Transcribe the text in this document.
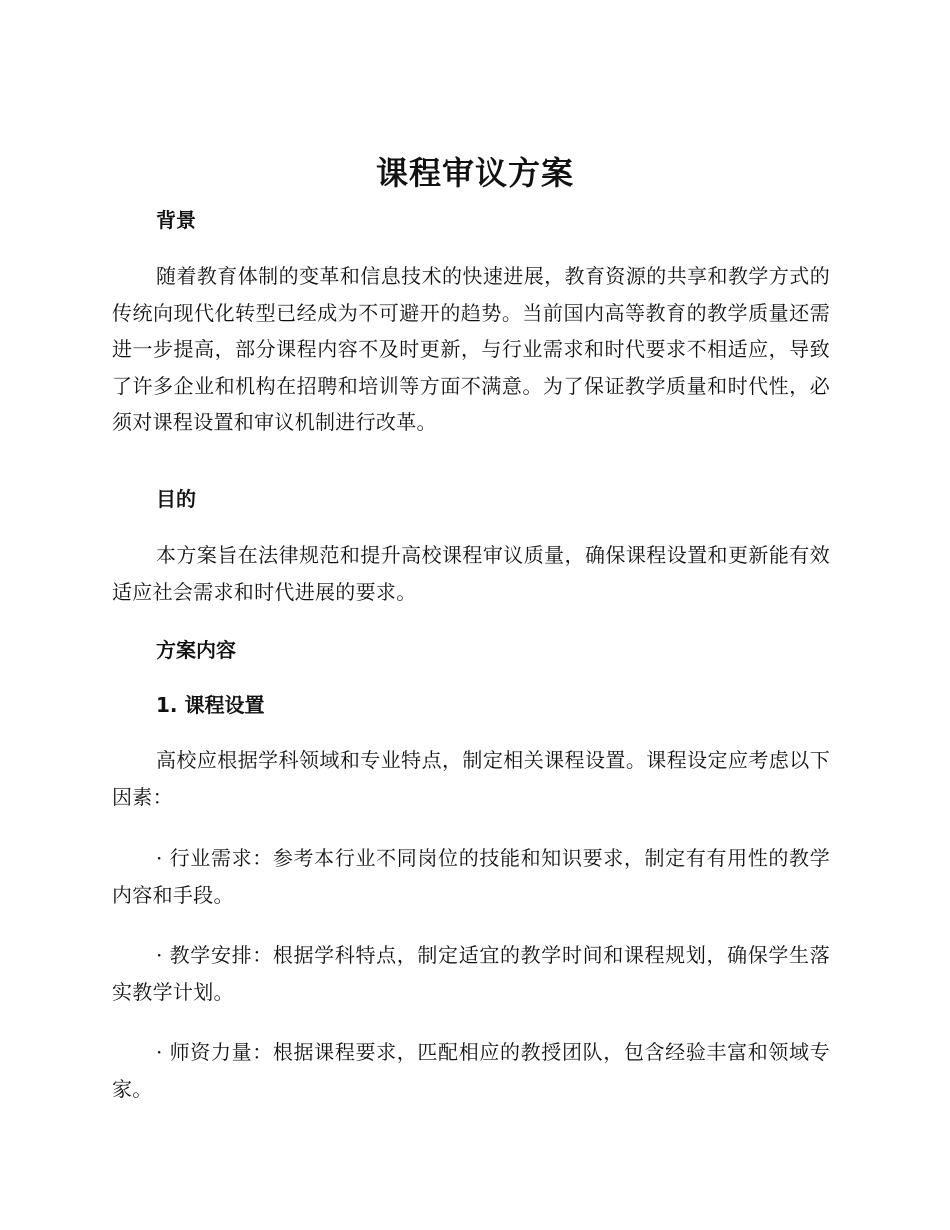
课程审议方案
背景

随着教育体制的变革和信息技术的快速进展，教育资源的共享和教学方式的传统向现代化转型已经成为不可避开的趋势。当前国内高等教育的教学质量还需进一步提高，部分课程内容不及时更新，与行业需求和时代要求不相适应，导致了许多企业和机构在招聘和培训等方面不满意。为了保证教学质量和时代性，必须对课程设置和审议机制进行改革。

目的

本方案旨在法律规范和提升高校课程审议质量，确保课程设置和更新能有效适应社会需求和时代进展的要求。

方案内容
1. 课程设置

高校应根据学科领域和专业特点，制定相关课程设置。课程设定应考虑以下因素：

· 行业需求：参考本行业不同岗位的技能和知识要求，制定有有用性的教学内容和手段。

· 教学安排：根据学科特点，制定适宜的教学时间和课程规划，确保学生落实教学计划。

· 师资力量：根据课程要求，匹配相应的教授团队，包含经验丰富和领域专家。
